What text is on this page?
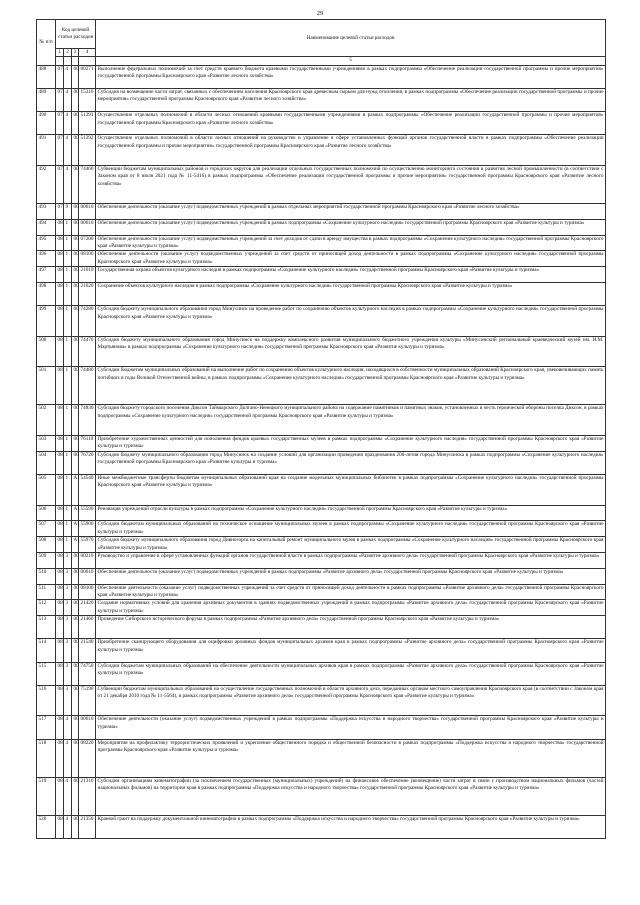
29
№ п/п	Код целевой статьи расходов				Наименование целевой статьи расходов
	1	2	3	4	
					5
488	07	4	00	00271	Выполнение федеральных полномочий за счет средств краевого бюджета краевыми государственными учреждениями в рамках подпрограммы «Обеспечение реализации государственной программы и прочие мероприятия» государственной программы Красноярского края «Развитие лесного хозяйства»
489	07	4	00	15310	Субсидия на возмещение части затрат, связанных с обеспечением населения Красноярского края древесным сырьем для нужд отопления, в рамках подпрограммы «Обеспечение реализации государственной программы и прочие мероприятия» государственной программы Красноярского края «Развитие лесного хозяйства»
490	07	4	00	51291	Осуществление отдельных полномочий в области лесных отношений краевыми государственными учреждениями в рамках подпрограммы «Обеспечение реализации государственной программы и прочие мероприятия» государственной программы Красноярского края «Развитие лесного хозяйства»
491	07	4	00	51292	Осуществление отдельных полномочий в области лесных отношений на руководство и управление в сфере установленных функций органов государственной власти в рамках подпрограммы «Обеспечение реализации государственной программы и прочие мероприятия» государственной программы Красноярского края «Развитие лесного хозяйства»
492	07	4	00	74460	Субвенции бюджетам муниципальных районов и городских округов для реализации отдельных государственных полномочий по осуществлению мониторинга состояния и развития лесной промышленности (в соответствии с Законом края от 8 июля 2021 года № 11-5416) в рамках подпрограммы «Обеспечение реализации государственной программы и прочие мероприятия» государственной программы Красноярского края «Развитие лесного хозяйства»
493	07	9	00	00610	Обеспечение деятельности (оказание услуг) подведомственных учреждений в рамках отдельных мероприятий государственной программы Красноярского края «Развитие лесного хозяйства»
494	08	1	00	00610	Обеспечение деятельности (оказание услуг) подведомственных учреждений в рамках подпрограммы «Сохранение культурного наследия» государственной программы Красноярского края «Развитие культуры и туризма»
495	08	1	00	07200	Обеспечение деятельности (оказание услуг) подведомственных учреждений за счет доходов от сдачи в аренду имущества в рамках подпрограммы «Сохранение культурного наследия» государственной программы Красноярского края «Развитие культуры и туризма»
496	08	1	00	08100	Обеспечение деятельности (оказание услуг) подведомственных учреждений за счет средств от приносящей доход деятельности в рамках подпрограммы «Сохранение культурного наследия» государственной программы Красноярского края «Развитие культуры и туризма»
497	08	1	00	21610	Государственная охрана объектов культурного наследия в рамках подпрограммы «Сохранение культурного наследия» государственной программы Красноярского края «Развитие культуры и туризма»
498	08	1	00	21620	Сохранение объектов культурного наследия в рамках подпрограммы «Сохранение культурного наследия» государственной программы Красноярского края «Развитие культуры и туризма»
499	08	1	00	74280	Субсидия бюджету муниципального образования город Минусинск на проведение работ по сохранению объектов культурного наследия в рамках подпрограммы «Сохранение культурного наследия» государственной программы Красноярского края «Развитие культуры и туризма»
500	08	1	00	74470	Субсидия бюджету муниципального образования город Минусинск на поддержку комплексного развития муниципального бюджетного учреждения культуры «Минусинский региональный краеведческий музей им. Н.М. Мартьянова» в рамках подпрограммы «Сохранение культурного наследия» государственной программы Красноярского края «Развитие культуры и туризма»
501	08	1	00	74480	Субсидии бюджетам муниципальных образований на выполнение работ по сохранению объектов культурного наследия, находящихся в собственности муниципальных образований Красноярского края, увековечивающих память погибших в годы Великой Отечественной войны, в рамках подпрограммы «Сохранение культурного наследия» государственной программы Красноярского края «Развитие культуры и туризма»
502	08	1	00	74830	Субсидия бюджету городского поселения Диксон Таймырского Долгано-Ненецкого муниципального района на содержание памятников и памятных знаков, установленных в честь героической обороны поселка Диксон, в рамках подпрограммы «Сохранение культурного наследия» государственной программы Красноярского края «Развитие культуры и туризма»
503	08	1	00	76110	Приобретение художественных ценностей для пополнения фондов краевых государственных музеев в рамках подпрограммы «Сохранение культурного наследия» государственной программы Красноярского края «Развитие культуры и туризма»
504	08	1	00	76720	Субсидия бюджету муниципального образования город Минусинск на создание условий для организации проведения празднования 200-летия города Минусинска в рамках подпрограммы «Сохранение культурного наследия» государственной программы Красноярского края «Развитие культуры и туризма»
505	08	1	А1	54540	Иные межбюджетные трансферты бюджетам муниципальных образований края на создание модельных муниципальных библиотек в рамках подпрограммы «Сохранение культурного наследия» государственной программы Красноярского края «Развитие культуры и туризма»
506	08	1	А1	55590	Реновация учреждений отрасли культуры в рамках подпрограммы «Сохранение культурного наследия» государственной программы Красноярского края «Развитие культуры и туризма»
507	08	1	А1	55900	Субсидии бюджетам муниципальных образований на техническое оснащение муниципальных музеев в рамках подпрограммы «Сохранение культурного наследия» государственной программы Красноярского края «Развитие культуры и туризма»
508	08	1	А1	55970	Субсидия бюджету муниципального образования город Дивногорск на капитальный ремонт муниципального музея в рамках подпрограммы «Сохранение культурного наследия» государственной программы Красноярского края «Развитие культуры и туризма»
509	08	3	00	00210	Руководство и управление в сфере установленных функций органов государственной власти в рамках подпрограммы «Развитие архивного дела» государственной программы Красноярского края «Развитие культуры и туризма»
510	08	3	00	00610	Обеспечение деятельности (оказание услуг) подведомственных учреждений в рамках подпрограммы «Развитие архивного дела» государственной программы Красноярского края «Развитие культуры и туризма»
511	08	3	00	08100	Обеспечение деятельности (оказание услуг) подведомственных учреждений за счет средств от приносящей доход деятельности в рамках подпрограммы «Развитие архивного дела» государственной программы Красноярского края «Развитие культуры и туризма»
512	08	3	00	21420	Создание нормативных условий для хранения архивных документов в зданиях подведомственных учреждений в рамках подпрограммы «Развитие архивного дела» государственной программы Красноярского края «Развитие культуры и туризма»
513	08	3	00	21460	Проведение Сибирского исторического форума в рамках подпрограммы «Развитие архивного дела» государственной программы Красноярского края «Развитие культуры и туризма»
514	08	3	00	21540	Приобретение сканирующего оборудования для оцифровки архивных фондов муниципальных архивов края в рамках подпрограммы «Развитие архивного дела» государственной программы Красноярского края «Развитие культуры и туризма»
515	08	3	00	74750	Субсидии бюджетам муниципальных образований на обеспечение деятельности муниципальных архивов края в рамках подпрограммы «Развитие архивного дела» государственной программы Красноярского края «Развитие культуры и туризма»
516	08	3	00	75190	Субвенции бюджетам муниципальных образований на осуществление государственных полномочий в области архивного дела, переданных органам местного самоуправления Красноярского края (в соответствии с Законом края от 21 декабря 2010 года № 11-5564), в рамках подпрограммы «Развитие архивного дела» государственной программы Красноярского края «Развитие культуры и туризма»
517	08	4	00	00610	Обеспечение деятельности (оказание услуг) подведомственных учреждений в рамках подпрограммы «Поддержка искусства и народного творчества» государственной программы Красноярского края «Развитие культуры и туризма»
518	08	4	00	08220	Мероприятия на профилактику террористических проявлений и укрепление общественного порядка и общественной безопасности в рамках подпрограммы «Поддержка искусства и народного творчества» государственной программы Красноярского края «Развитие культуры и туризма»
519	08	4	00	21310	Субсидии организациям кинематографии (за исключением государственных (муниципальных) учреждений) на финансовое обеспечение (возмещение) части затрат в связи с производством национальных фильмов (частей национальных фильмов) на территории края в рамках подпрограммы «Поддержка искусства и народного творчества» государственной программы Красноярского края «Развитие культуры и туризма»
520	08	4	00	21350	Краевой грант на поддержку документальной кинематографии в рамках подпрограммы «Поддержка искусства и народного творчества» государственной программы Красноярского края «Развитие культуры и туризма»
